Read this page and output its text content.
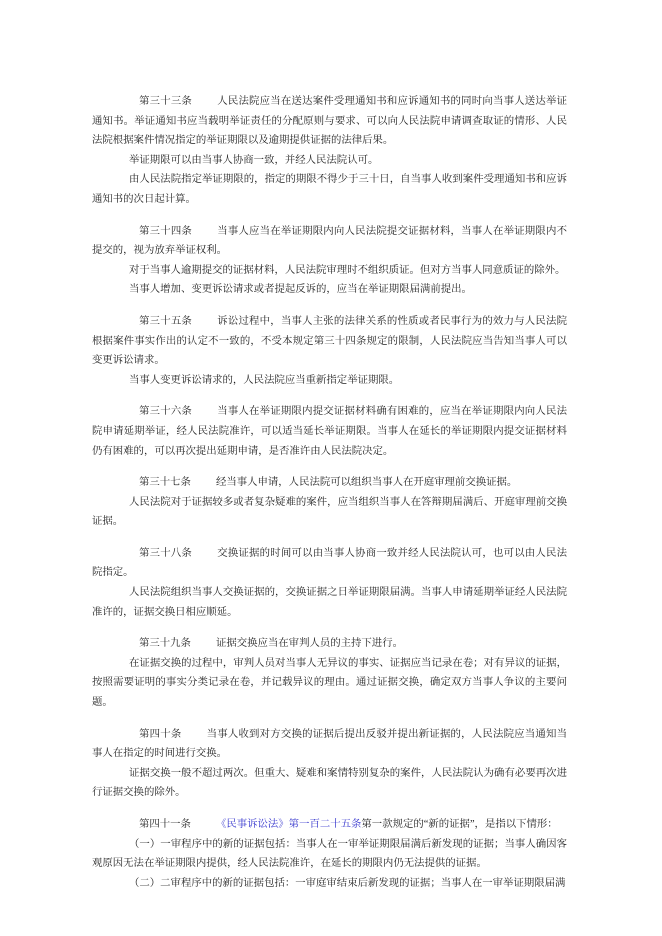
第三十三条 人民法院应当在送达案件受理通知书和应诉通知书的同时向当事人送达举证通知书。举证通知书应当载明举证责任的分配原则与要求、可以向人民法院申请调查取证的情形、人民法院根据案件情况指定的举证期限以及逾期提供证据的法律后果。

举证期限可以由当事人协商一致，并经人民法院认可。

由人民法院指定举证期限的，指定的期限不得少于三十日，自当事人收到案件受理通知书和应诉通知书的次日起计算。

第三十四条 当事人应当在举证期限内向人民法院提交证据材料，当事人在举证期限内不提交的，视为放弃举证权利。

对于当事人逾期提交的证据材料，人民法院审理时不组织质证。但对方当事人同意质证的除外。

当事人增加、变更诉讼请求或者提起反诉的，应当在举证期限届满前提出。

第三十五条 诉讼过程中，当事人主张的法律关系的性质或者民事行为的效力与人民法院根据案件事实作出的认定不一致的，不受本规定第三十四条规定的限制，人民法院应当告知当事人可以变更诉讼请求。

当事人变更诉讼请求的，人民法院应当重新指定举证期限。

第三十六条 当事人在举证期限内提交证据材料确有困难的，应当在举证期限内向人民法院申请延期举证，经人民法院准许，可以适当延长举证期限。当事人在延长的举证期限内提交证据材料仍有困难的，可以再次提出延期申请，是否准许由人民法院决定。

第三十七条 经当事人申请，人民法院可以组织当事人在开庭审理前交换证据。

人民法院对于证据较多或者复杂疑难的案件，应当组织当事人在答辩期届满后、开庭审理前交换证据。

第三十八条 交换证据的时间可以由当事人协商一致并经人民法院认可，也可以由人民法院指定。

人民法院组织当事人交换证据的，交换证据之日举证期限届满。当事人申请延期举证经人民法院准许的，证据交换日相应顺延。

第三十九条 证据交换应当在审判人员的主持下进行。

在证据交换的过程中，审判人员对当事人无异议的事实、证据应当记录在卷；对有异议的证据，按照需要证明的事实分类记录在卷，并记载异议的理由。通过证据交换，确定双方当事人争议的主要问题。

第四十条 当事人收到对方交换的证据后提出反驳并提出新证据的，人民法院应当通知当事人在指定的时间进行交换。

证据交换一般不超过两次。但重大、疑难和案情特别复杂的案件，人民法院认为确有必要再次进行证据交换的除外。

第四十一条 《民事诉讼法》第一百二十五条第一款规定的“新的证据”，是指以下情形：

（一）一审程序中的新的证据包括：当事人在一审举证期限届满后新发现的证据；当事人确因客观原因无法在举证期限内提供，经人民法院准许，在延长的期限内仍无法提供的证据。

（二）二审程序中的新的证据包括：一审庭审结束后新发现的证据；当事人在一审举证期限届满
